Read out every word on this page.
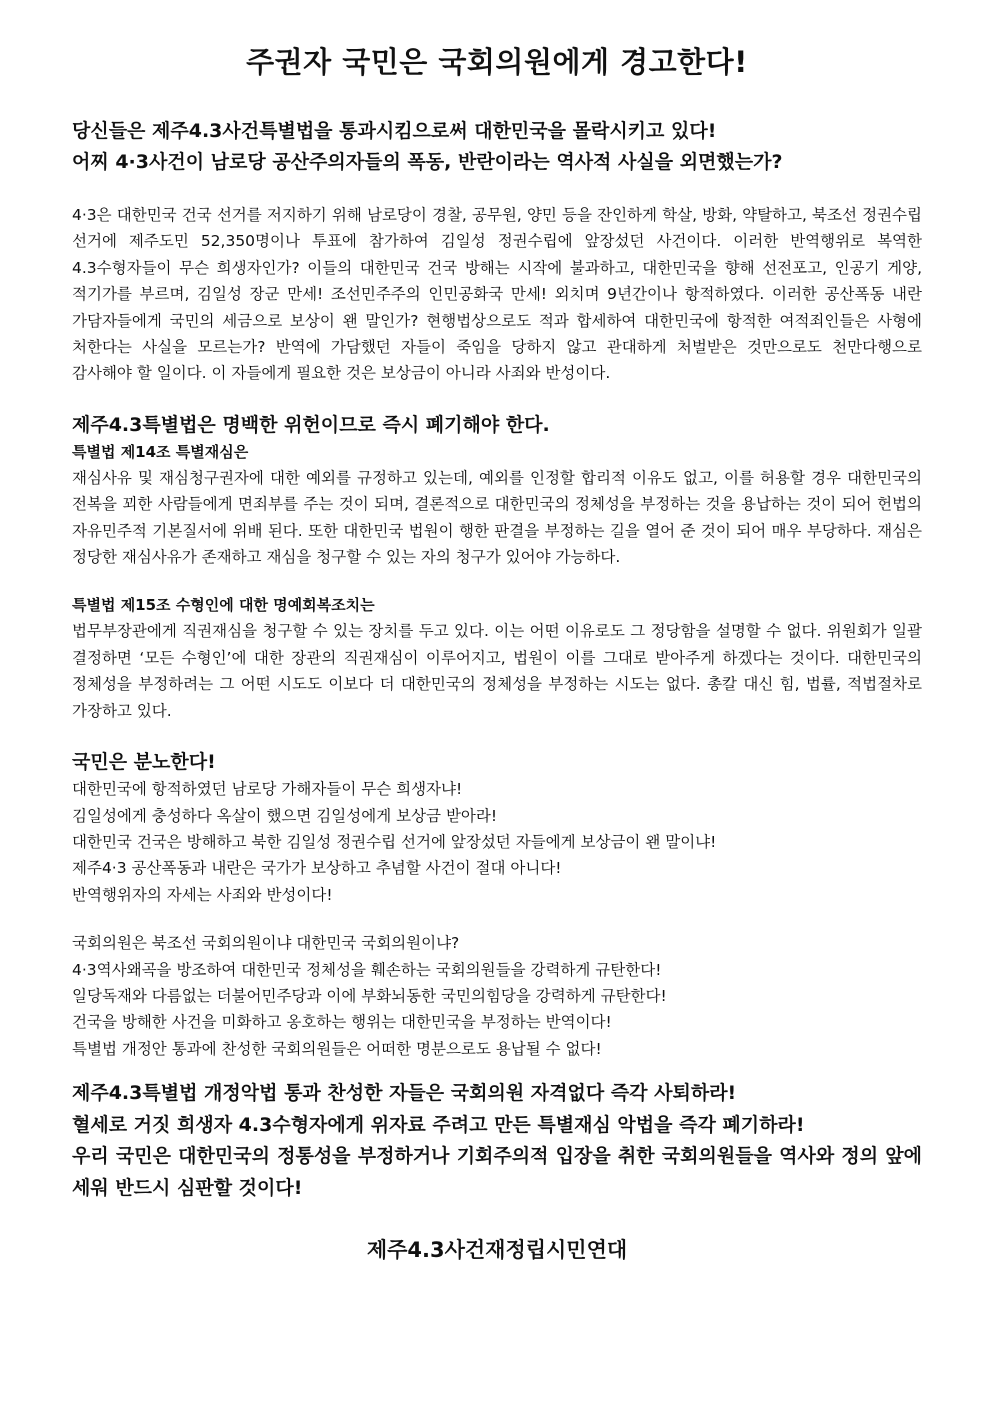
주권자 국민은 국회의원에게 경고한다!
당신들은 제주4.3사건특별법을 통과시킴으로써 대한민국을 몰락시키고 있다!
어찌 4·3사건이 남로당 공산주의자들의 폭동, 반란이라는 역사적 사실을 외면했는가?
4·3은 대한민국 건국 선거를 저지하기 위해 남로당이 경찰, 공무원, 양민 등을 잔인하게 학살, 방화, 약탈하고, 북조선 정권수립 선거에 제주도민 52,350명이나 투표에 참가하여 김일성 정권수립에 앞장섰던 사건이다. 이러한 반역행위로 복역한 4.3수형자들이 무슨 희생자인가? 이들의 대한민국 건국 방해는 시작에 불과하고, 대한민국을 향해 선전포고, 인공기 게양, 적기가를 부르며, 김일성 장군 만세! 조선민주주의 인민공화국 만세! 외치며 9년간이나 항적하였다. 이러한 공산폭동 내란 가담자들에게 국민의 세금으로 보상이 왠 말인가? 현행법상으로도 적과 합세하여 대한민국에 항적한 여적죄인들은 사형에 처한다는 사실을 모르는가? 반역에 가담했던 자들이 죽임을 당하지 않고 관대하게 처벌받은 것만으로도 천만다행으로 감사해야 할 일이다. 이 자들에게 필요한 것은 보상금이 아니라 사죄와 반성이다.
제주4.3특별법은 명백한 위헌이므로 즉시 폐기해야 한다.
특별법 제14조 특별재심은
재심사유 및 재심청구권자에 대한 예외를 규정하고 있는데, 예외를 인정할 합리적 이유도 없고, 이를 허용할 경우 대한민국의 전복을 꾀한 사람들에게 면죄부를 주는 것이 되며, 결론적으로 대한민국의 정체성을 부정하는 것을 용납하는 것이 되어 헌법의 자유민주적 기본질서에 위배 된다. 또한 대한민국 법원이 행한 판결을 부정하는 길을 열어 준 것이 되어 매우 부당하다. 재심은 정당한 재심사유가 존재하고 재심을 청구할 수 있는 자의 청구가 있어야 가능하다.
특별법 제15조 수형인에 대한 명예회복조치는
법무부장관에게 직권재심을 청구할 수 있는 장치를 두고 있다. 이는 어떤 이유로도 그 정당함을 설명할 수 없다. 위원회가 일괄 결정하면 ‘모든 수형인’에 대한 장관의 직권재심이 이루어지고, 법원이 이를 그대로 받아주게 하겠다는 것이다. 대한민국의 정체성을 부정하려는 그 어떤 시도도 이보다 더 대한민국의 정체성을 부정하는 시도는 없다. 총칼 대신 힘, 법률, 적법절차로 가장하고 있다.
국민은 분노한다!
대한민국에 항적하였던 남로당 가해자들이 무슨 희생자냐!
김일성에게 충성하다 옥살이 했으면 김일성에게 보상금 받아라!
대한민국 건국은 방해하고 북한 김일성 정권수립 선거에 앞장섰던 자들에게 보상금이 왠 말이냐!
제주4·3 공산폭동과 내란은 국가가 보상하고 추념할 사건이 절대 아니다!
반역행위자의 자세는 사죄와 반성이다!
국회의원은 북조선 국회의원이냐 대한민국 국회의원이냐?
4·3역사왜곡을 방조하여 대한민국 정체성을 훼손하는 국회의원들을 강력하게 규탄한다!
일당독재와 다름없는 더불어민주당과 이에 부화뇌동한 국민의힘당을 강력하게 규탄한다!
건국을 방해한 사건을 미화하고 옹호하는 행위는 대한민국을 부정하는 반역이다!
특별법 개정안 통과에 찬성한 국회의원들은 어떠한 명분으로도 용납될 수 없다!
제주4.3특별법 개정악법 통과 찬성한 자들은 국회의원 자격없다 즉각 사퇴하라!
혈세로 거짓 희생자 4.3수형자에게 위자료 주려고 만든 특별재심 악법을 즉각 폐기하라!
우리 국민은 대한민국의 정통성을 부정하거나 기회주의적 입장을 취한 국회의원들을 역사와 정의 앞에 세워 반드시 심판할 것이다!
제주4.3사건재정립시민연대
